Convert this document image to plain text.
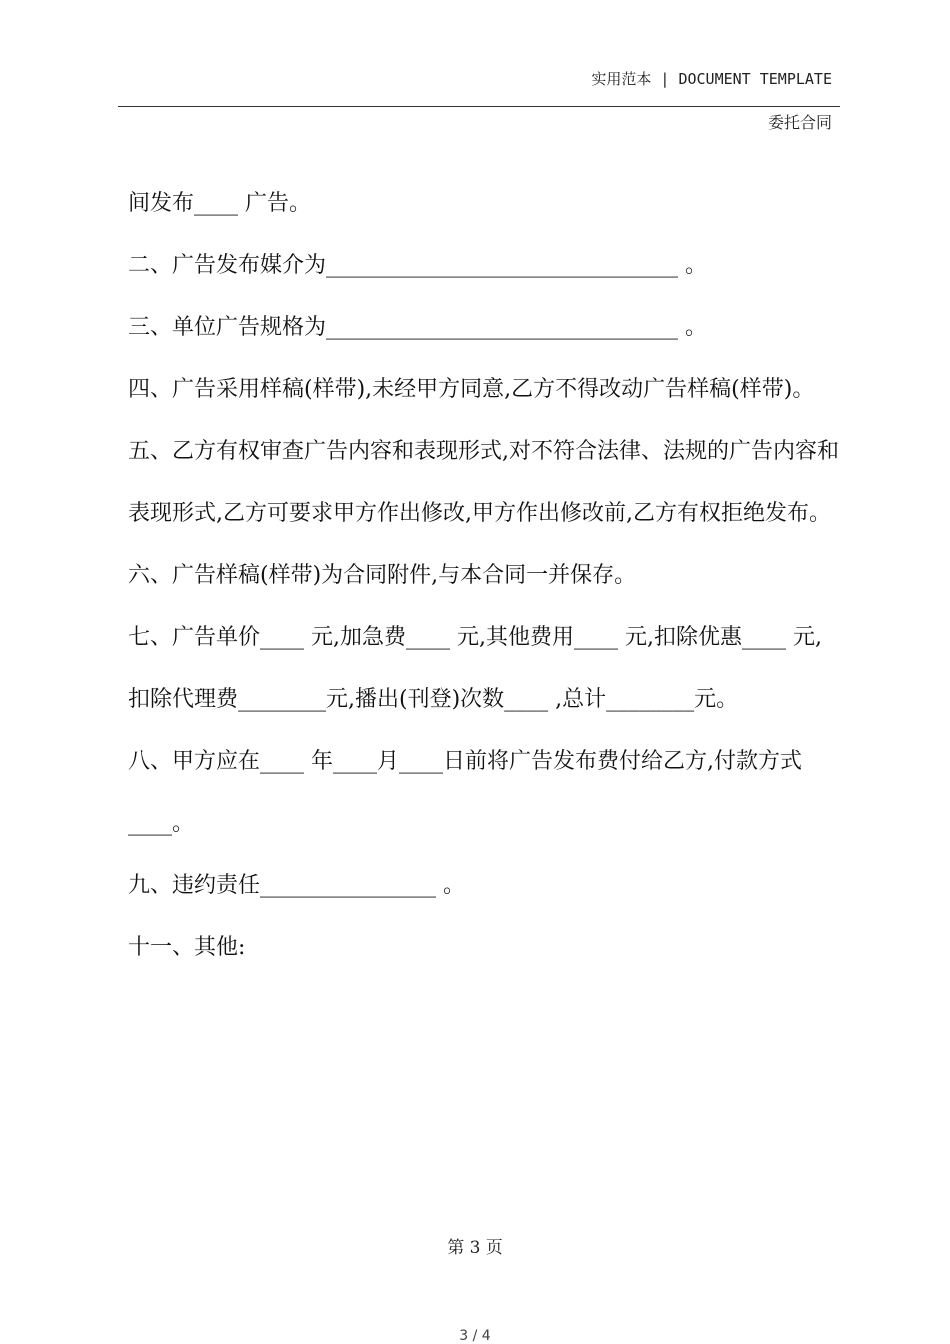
实用范本 | DOCUMENT TEMPLATE
委托合同

间发布____ 广告。

二、广告发布媒介为________________________________ 。

三、单位广告规格为________________________________ 。

四、广告采用样稿(样带),未经甲方同意,乙方不得改动广告样稿(样带)。

五、乙方有权审查广告内容和表现形式,对不符合法律、法规的广告内容和表现形式,乙方可要求甲方作出修改,甲方作出修改前,乙方有权拒绝发布。

六、广告样稿(样带)为合同附件,与本合同一并保存。

七、广告单价____ 元,加急费____ 元,其他费用____ 元,扣除优惠____ 元,扣除代理费________元,播出(刊登)次数____ ,总计________元。

八、甲方应在____ 年____月____日前将广告发布费付给乙方,付款方式____。

九、违约责任________________ 。

十一、其他:

第 3 页
3 / 4
